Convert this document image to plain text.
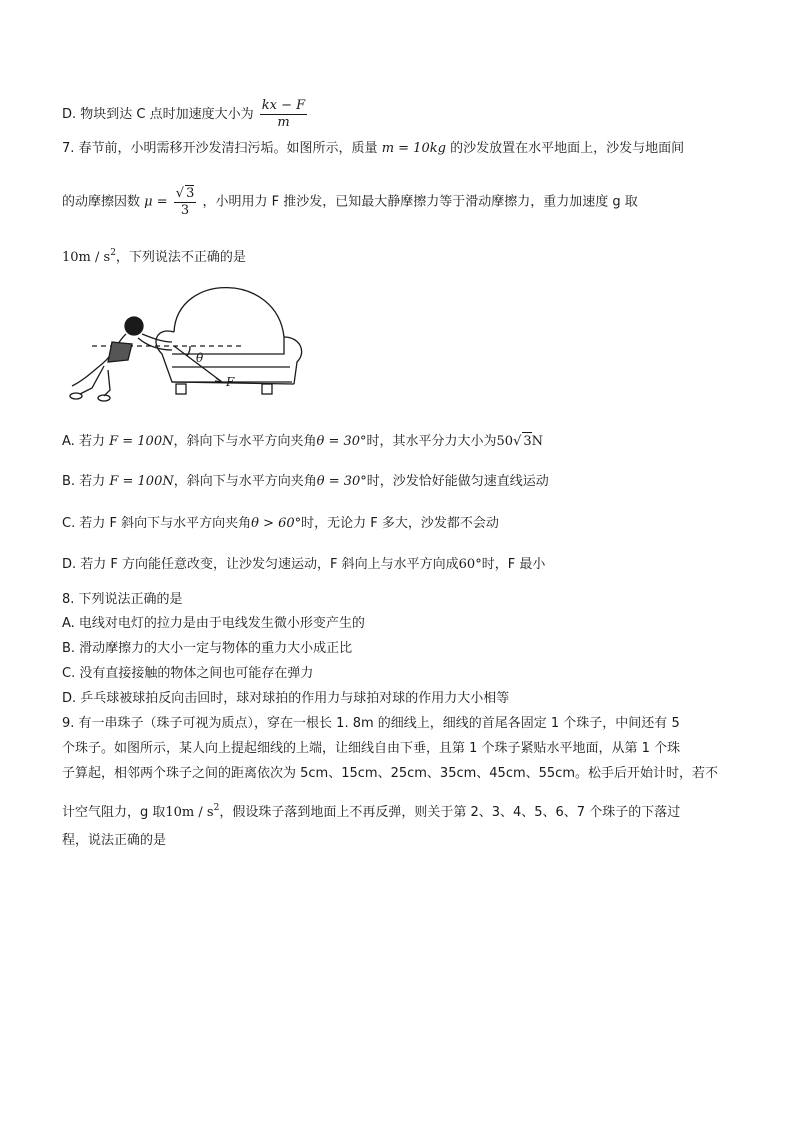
D. 物块到达 C 点时加速度大小为 $\frac{kx - F}{m}$
7. 春节前，小明需移开沙发清扫污垢。如图所示，质量 m = 10kg 的沙发放置在水平地面上，沙发与地面间
的动摩擦因数 $\mu = \frac{√ 3}{3}$ ，小明用力 F 推沙发，已知最大静摩擦力等于滑动摩擦力，重力加速度 g 取
$10m / s^2$，下列说法不正确的是
θ
F
A. 若力 F = 100N，斜向下与水平方向夹角θ = 30°时，其水平分力大小为50√ 3N
B. 若力 F = 100N，斜向下与水平方向夹角θ = 30°时，沙发恰好能做匀速直线运动
C. 若力 F 斜向下与水平方向夹角θ > 60°时，无论力 F 多大，沙发都不会动
D. 若力 F 方向能任意改变，让沙发匀速运动，F 斜向上与水平方向成60°时，F 最小
8. 下列说法正确的是
A. 电线对电灯的拉力是由于电线发生微小形变产生的
B. 滑动摩擦力的大小一定与物体的重力大小成正比
C. 没有直接接触的物体之间也可能存在弹力
D. 乒乓球被球拍反向击回时，球对球拍的作用力与球拍对球的作用力大小相等
9. 有一串珠子（珠子可视为质点），穿在一根长 1. 8m 的细线上，细线的首尾各固定 1 个珠子，中间还有 5
个珠子。如图所示，某人向上提起细线的上端，让细线自由下垂，且第 1 个珠子紧贴水平地面，从第 1 个珠
子算起，相邻两个珠子之间的距离依次为 5cm、15cm、25cm、35cm、45cm、55cm。松手后开始计时，若不
计空气阻力，g 取$10m / s^2$，假设珠子落到地面上不再反弹，则关于第 2、3、4、5、6、7 个珠子的下落过
程，说法正确的是
